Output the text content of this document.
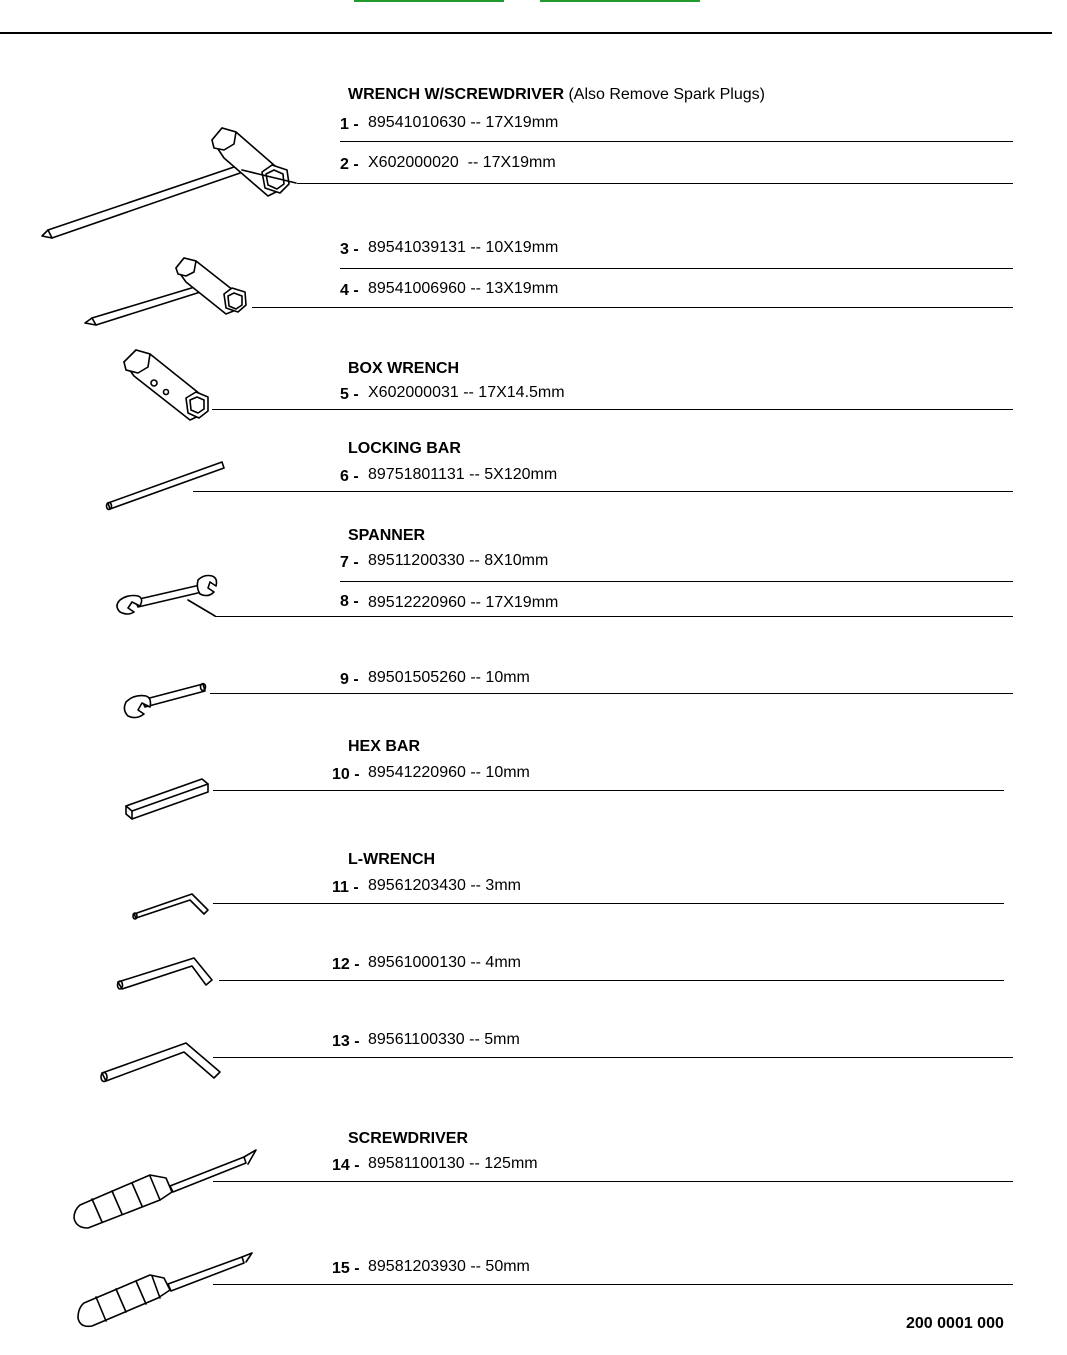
WRENCH W/SCREWDRIVER (Also Remove Spark Plugs)
BOX WRENCH
LOCKING BAR
SPANNER
HEX BAR
L-WRENCH
SCREWDRIVER
1 - 89541010630 -- 17X19mm
2 - X602000020  -- 17X19mm
3 - 89541039131 -- 10X19mm
4 - 89541006960 -- 13X19mm
5 - X602000031 -- 17X14.5mm
6 - 89751801131 -- 5X120mm
7 - 89511200330 -- 8X10mm
8 - 89512220960 -- 17X19mm
9 - 89501505260 -- 10mm
10 - 89541220960 -- 10mm
11 - 89561203430 -- 3mm
12 - 89561000130 -- 4mm
13 - 89561100330 -- 5mm
14 - 89581100130 -- 125mm
15 - 89581203930 -- 50mm
200 0001 000
